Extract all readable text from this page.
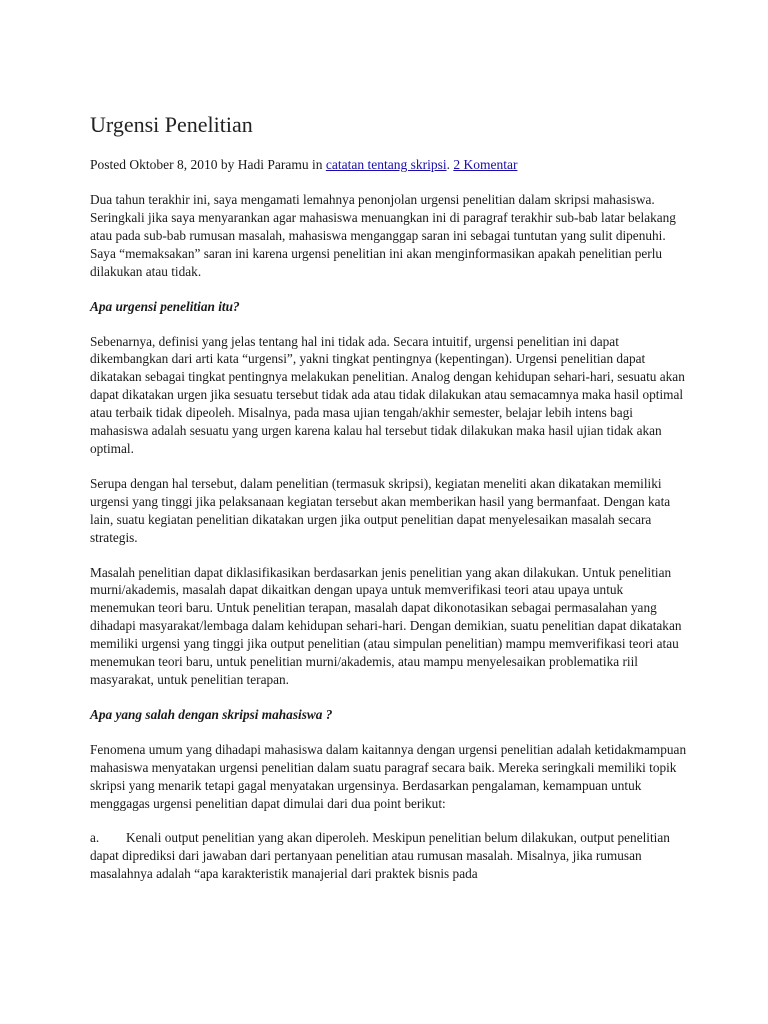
Urgensi Penelitian
Posted Oktober 8, 2010 by Hadi Paramu in catatan tentang skripsi. 2 Komentar

Dua tahun terakhir ini, saya mengamati lemahnya penonjolan urgensi penelitian dalam skripsi mahasiswa. Seringkali jika saya menyarankan agar mahasiswa menuangkan ini di paragraf terakhir sub-bab latar belakang atau pada sub-bab rumusan masalah, mahasiswa menganggap saran ini sebagai tuntutan yang sulit dipenuhi. Saya “memaksakan” saran ini karena urgensi penelitian ini akan menginformasikan apakah penelitian perlu dilakukan atau tidak.

Apa urgensi penelitian itu?

Sebenarnya, definisi yang jelas tentang hal ini tidak ada. Secara intuitif, urgensi penelitian ini dapat dikembangkan dari arti kata “urgensi”, yakni tingkat pentingnya (kepentingan). Urgensi penelitian dapat dikatakan sebagai tingkat pentingnya melakukan penelitian. Analog dengan kehidupan sehari-hari, sesuatu akan dapat dikatakan urgen jika sesuatu tersebut tidak ada atau tidak dilakukan atau semacamnya maka hasil optimal atau terbaik tidak dipeoleh. Misalnya, pada masa ujian tengah/akhir semester, belajar lebih intens bagi mahasiswa adalah sesuatu yang urgen karena kalau hal tersebut tidak dilakukan maka hasil ujian tidak akan optimal.

Serupa dengan hal tersebut, dalam penelitian (termasuk skripsi), kegiatan meneliti akan dikatakan memiliki urgensi yang tinggi jika pelaksanaan kegiatan tersebut akan memberikan hasil yang bermanfaat. Dengan kata lain, suatu kegiatan penelitian dikatakan urgen jika output penelitian dapat menyelesaikan masalah secara strategis.

Masalah penelitian dapat diklasifikasikan berdasarkan jenis penelitian yang akan dilakukan. Untuk penelitian murni/akademis, masalah dapat dikaitkan dengan upaya untuk memverifikasi teori atau upaya untuk menemukan teori baru. Untuk penelitian terapan, masalah dapat dikonotasikan sebagai permasalahan yang dihadapi masyarakat/lembaga dalam kehidupan sehari-hari. Dengan demikian, suatu penelitian dapat dikatakan memiliki urgensi yang tinggi jika output penelitian (atau simpulan penelitian) mampu memverifikasi teori atau menemukan teori baru, untuk penelitian murni/akademis, atau mampu menyelesaikan problematika riil masyarakat, untuk penelitian terapan.

Apa yang salah dengan skripsi mahasiswa ?

Fenomena umum yang dihadapi mahasiswa dalam kaitannya dengan urgensi penelitian adalah ketidakmampuan mahasiswa menyatakan urgensi penelitian dalam suatu paragraf secara baik. Mereka seringkali memiliki topik skripsi yang menarik tetapi gagal menyatakan urgensinya. Berdasarkan pengalaman, kemampuan untuk menggagas urgensi penelitian dapat dimulai dari dua point berikut:

a. Kenali output penelitian yang akan diperoleh. Meskipun penelitian belum dilakukan, output penelitian dapat diprediksi dari jawaban dari pertanyaan penelitian atau rumusan masalah. Misalnya, jika rumusan masalahnya adalah “apa karakteristik manajerial dari praktek bisnis pada
